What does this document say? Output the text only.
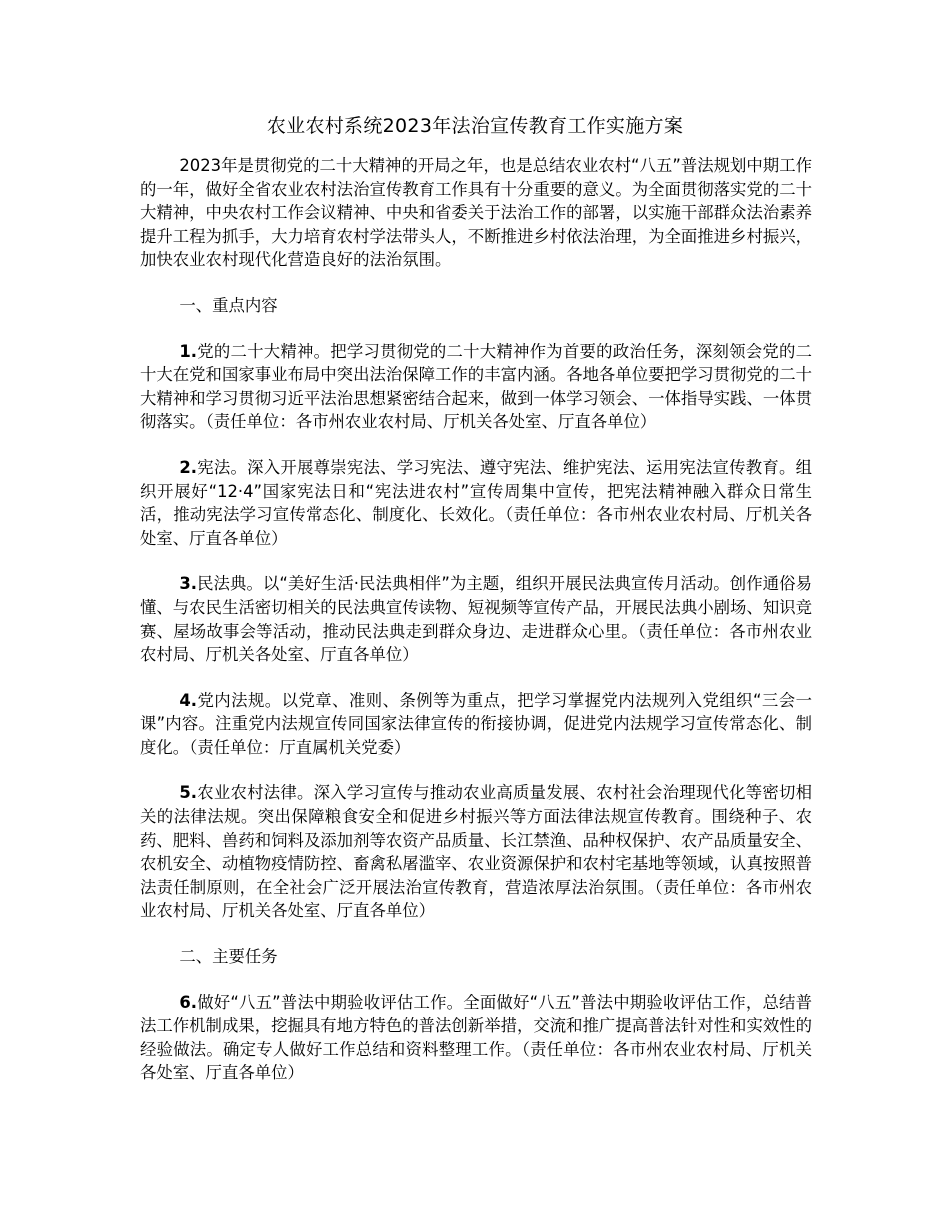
农业农村系统2023年法治宣传教育工作实施方案

2023年是贯彻党的二十大精神的开局之年，也是总结农业农村“八五”普法规划中期工作的一年，做好全省农业农村法治宣传教育工作具有十分重要的意义。为全面贯彻落实党的二十大精神，中央农村工作会议精神、中央和省委关于法治工作的部署，以实施干部群众法治素养提升工程为抓手，大力培育农村学法带头人，不断推进乡村依法治理，为全面推进乡村振兴，加快农业农村现代化营造良好的法治氛围。

一、重点内容

1.党的二十大精神。把学习贯彻党的二十大精神作为首要的政治任务，深刻领会党的二十大在党和国家事业布局中突出法治保障工作的丰富内涵。各地各单位要把学习贯彻党的二十大精神和学习贯彻习近平法治思想紧密结合起来，做到一体学习领会、一体指导实践、一体贯彻落实。（责任单位：各市州农业农村局、厅机关各处室、厅直各单位）

2.宪法。深入开展尊崇宪法、学习宪法、遵守宪法、维护宪法、运用宪法宣传教育。组织开展好“12·4”国家宪法日和“宪法进农村”宣传周集中宣传，把宪法精神融入群众日常生活，推动宪法学习宣传常态化、制度化、长效化。（责任单位：各市州农业农村局、厅机关各处室、厅直各单位）

3.民法典。以“美好生活·民法典相伴”为主题，组织开展民法典宣传月活动。创作通俗易懂、与农民生活密切相关的民法典宣传读物、短视频等宣传产品，开展民法典小剧场、知识竞赛、屋场故事会等活动，推动民法典走到群众身边、走进群众心里。（责任单位：各市州农业农村局、厅机关各处室、厅直各单位）

4.党内法规。以党章、准则、条例等为重点，把学习掌握党内法规列入党组织“三会一课”内容。注重党内法规宣传同国家法律宣传的衔接协调，促进党内法规学习宣传常态化、制度化。（责任单位：厅直属机关党委）

5.农业农村法律。深入学习宣传与推动农业高质量发展、农村社会治理现代化等密切相关的法律法规。突出保障粮食安全和促进乡村振兴等方面法律法规宣传教育。围绕种子、农药、肥料、兽药和饲料及添加剂等农资产品质量、长江禁渔、品种权保护、农产品质量安全、农机安全、动植物疫情防控、畜禽私屠滥宰、农业资源保护和农村宅基地等领域，认真按照普法责任制原则，在全社会广泛开展法治宣传教育，营造浓厚法治氛围。（责任单位：各市州农业农村局、厅机关各处室、厅直各单位）

二、主要任务

6.做好“八五”普法中期验收评估工作。全面做好“八五”普法中期验收评估工作，总结普法工作机制成果，挖掘具有地方特色的普法创新举措，交流和推广提高普法针对性和实效性的经验做法。确定专人做好工作总结和资料整理工作。（责任单位：各市州农业农村局、厅机关各处室、厅直各单位）
